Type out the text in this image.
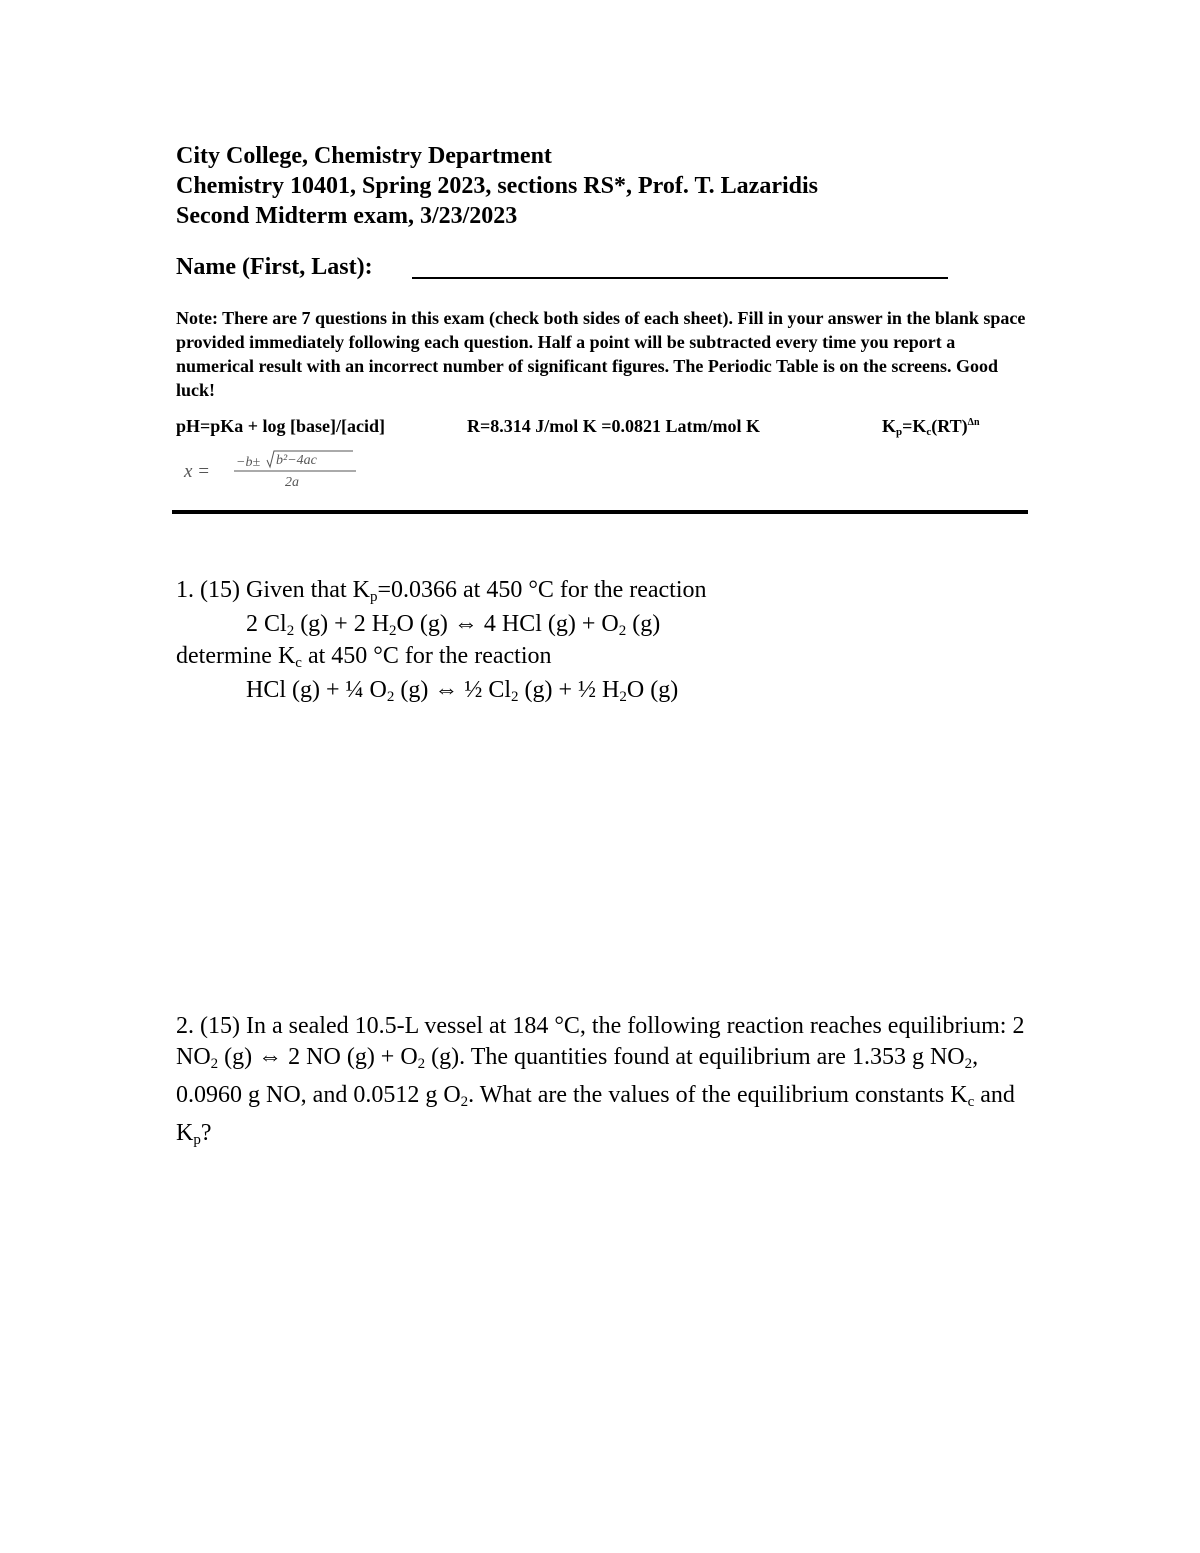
City College, Chemistry Department
Chemistry 10401, Spring 2023, sections RS*, Prof. T. Lazaridis
Second Midterm exam, 3/23/2023
Name (First, Last):
Note: There are 7 questions in this exam (check both sides of each sheet). Fill in your answer in the blank space provided immediately following each question. Half a point will be subtracted every time you report a numerical result with an incorrect number of significant figures. The Periodic Table is on the screens. Good luck!
pH=pKa + log [base]/[acid]	R=8.314 J/mol K =0.0821 Latm/mol K	$K_p=K_c(RT)^{\Delta n}$
x = −b± b²−4ac
2a
1. (15) Given that $K_p=0.0366$ at 450 °C for the reaction
2 $Cl_2$ (g) + 2 $H_2O$ (g) ⇔ 4 HCl $(g) + O_2$ (g)
determine $K_c$ at 450 °C for the reaction
HCl (g) + ¼ $O_2$ (g) ⇔ ½ $Cl_2$ (g) + ½ $H_2O$ (g)
2. (15) In a sealed 10.5-L vessel at 184 °C, the following reaction reaches equilibrium: 2 $NO_2$ (g) ⇔ 2 NO $(g) + O_2$ (g). The quantities found at equilibrium are 1.353 g $NO_2$, 0.0960 g NO, and 0.0512 g $O_2$. What are the values of the equilibrium constants $K_c$ and $K_p$?
